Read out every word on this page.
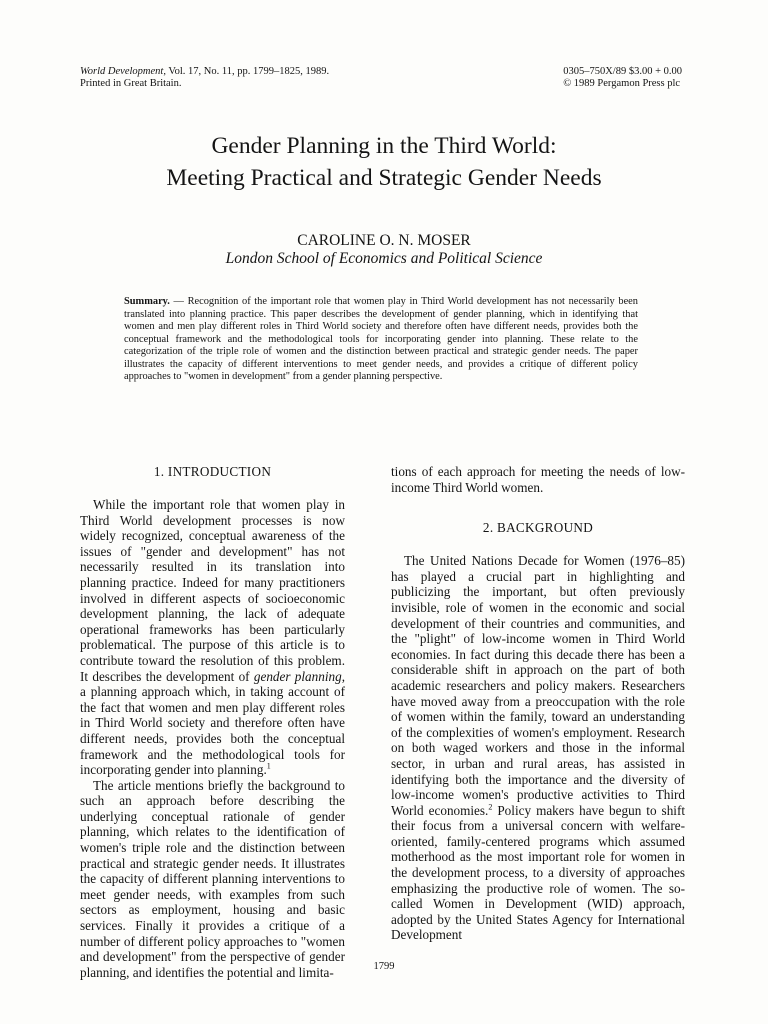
World Development, Vol. 17, No. 11, pp. 1799–1825, 1989.
Printed in Great Britain.
0305–750X/89 $3.00 + 0.00
© 1989 Pergamon Press plc
Gender Planning in the Third World:
Meeting Practical and Strategic Gender Needs
CAROLINE O. N. MOSER
London School of Economics and Political Science

Summary. — Recognition of the important role that women play in Third World development has not necessarily been translated into planning practice. This paper describes the development of gender planning, which in identifying that women and men play different roles in Third World society and therefore often have different needs, provides both the conceptual framework and the methodological tools for incorporating gender into planning. These relate to the categorization of the triple role of women and the distinction between practical and strategic gender needs. The paper illustrates the capacity of different interventions to meet gender needs, and provides a critique of different policy approaches to "women in development" from a gender planning perspective.

1. INTRODUCTION

While the important role that women play in Third World development processes is now widely recognized, conceptual awareness of the issues of "gender and development" has not necessarily resulted in its translation into planning practice. Indeed for many practitioners involved in different aspects of socioeconomic development planning, the lack of adequate operational frameworks has been particularly problematical. The purpose of this article is to contribute toward the resolution of this problem. It describes the development of gender planning, a planning approach which, in taking account of the fact that women and men play different roles in Third World society and therefore often have different needs, provides both the conceptual framework and the methodological tools for incorporating gender into planning.$^1$

The article mentions briefly the background to such an approach before describing the underlying conceptual rationale of gender planning, which relates to the identification of women's triple role and the distinction between practical and strategic gender needs. It illustrates the capacity of different planning interventions to meet gender needs, with examples from such sectors as employment, housing and basic services. Finally it provides a critique of a number of different policy approaches to "women and development" from the perspective of gender planning, and identifies the potential and limita-

tions of each approach for meeting the needs of low-income Third World women.

2. BACKGROUND

The United Nations Decade for Women (1976–85) has played a crucial part in highlighting and publicizing the important, but often previously invisible, role of women in the economic and social development of their countries and communities, and the "plight" of low-income women in Third World economies. In fact during this decade there has been a considerable shift in approach on the part of both academic researchers and policy makers. Researchers have moved away from a preoccupation with the role of women within the family, toward an understanding of the complexities of women's employment. Research on both waged workers and those in the informal sector, in urban and rural areas, has assisted in identifying both the importance and the diversity of low-income women's productive activities to Third World economies.$^2$ Policy makers have begun to shift their focus from a universal concern with welfare-oriented, family-centered programs which assumed motherhood as the most important role for women in the development process, to a diversity of approaches emphasizing the productive role of women. The so-called Women in Development (WID) approach, adopted by the United States Agency for International Development

1799
